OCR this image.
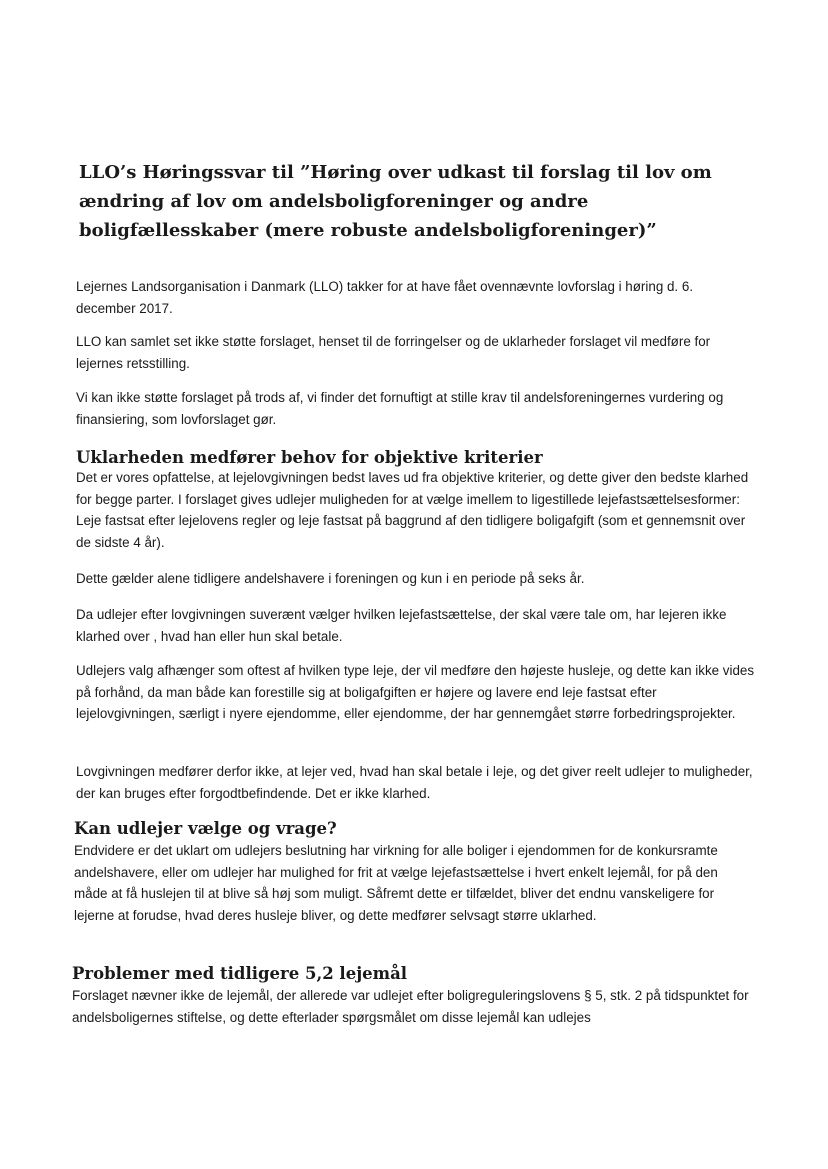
LLO’s Høringssvar til ”Høring over udkast til forslag til lov om ændring af lov om andelsboligforeninger og andre boligfællesskaber (mere robuste andelsboligforeninger)”

Lejernes Landsorganisation i Danmark (LLO) takker for at have fået ovennævnte lovforslag i høring d. 6. december 2017.

LLO kan samlet set ikke støtte forslaget, henset til de forringelser og de uklarheder forslaget vil medføre for lejernes retsstilling.

Vi kan ikke støtte forslaget på trods af, vi finder det fornuftigt at stille krav til andelsforeningernes vurdering og finansiering, som lovforslaget gør.

Uklarheden medfører behov for objektive kriterier

Det er vores opfattelse, at lejelovgivningen bedst laves ud fra objektive kriterier, og dette giver den bedste klarhed for begge parter. I forslaget gives udlejer muligheden for at vælge imellem to ligestillede lejefastsættelsesformer: Leje fastsat efter lejelovens regler og leje fastsat på baggrund af den tidligere boligafgift (som et gennemsnit over de sidste 4 år).

Dette gælder alene tidligere andelshavere i foreningen og kun i en periode på seks år.

Da udlejer efter lovgivningen suverænt vælger hvilken lejefastsættelse, der skal være tale om, har lejeren ikke klarhed over , hvad han eller hun skal betale.

Udlejers valg afhænger som oftest af hvilken type leje, der vil medføre den højeste husleje, og dette kan ikke vides på forhånd, da man både kan forestille sig at boligafgiften er højere og lavere end leje fastsat efter lejelovgivningen, særligt i nyere ejendomme, eller ejendomme, der har gennemgået større forbedringsprojekter.

Lovgivningen medfører derfor ikke, at lejer ved, hvad han skal betale i leje, og det giver reelt udlejer to muligheder, der kan bruges efter forgodtbefindende. Det er ikke klarhed.

Kan udlejer vælge og vrage?

Endvidere er det uklart om udlejers beslutning har virkning for alle boliger i ejendommen for de konkursramte andelshavere, eller om udlejer har mulighed for frit at vælge lejefastsættelse i hvert enkelt lejemål, for på den måde at få huslejen til at blive så høj som muligt. Såfremt dette er tilfældet, bliver det endnu vanskeligere for lejerne at forudse, hvad deres husleje bliver, og dette medfører selvsagt større uklarhed.

Problemer med tidligere 5,2 lejemål

Forslaget nævner ikke de lejemål, der allerede var udlejet efter boligreguleringslovens § 5, stk. 2 på tidspunktet for andelsboligernes stiftelse, og dette efterlader spørgsmålet om disse lejemål kan udlejes
